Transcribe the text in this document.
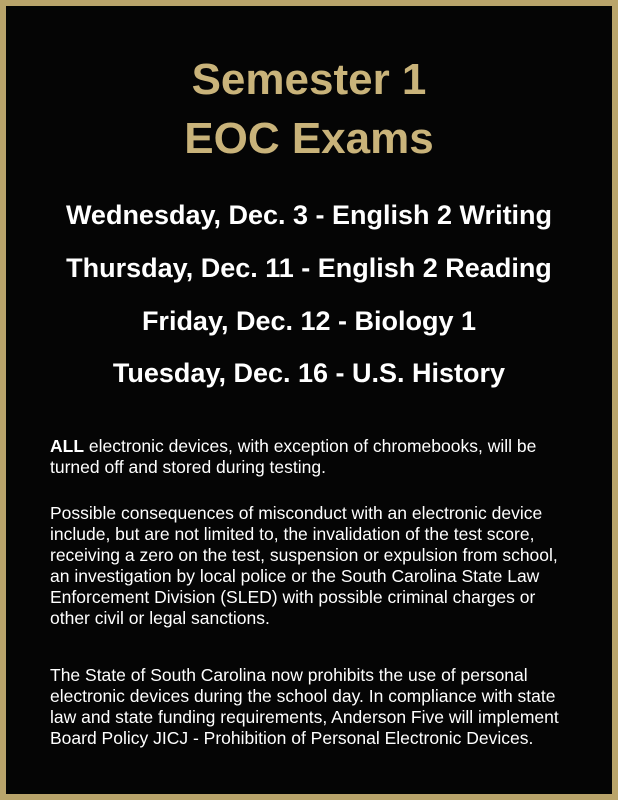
Semester 1
EOC Exams
Wednesday, Dec. 3 - English 2 Writing
Thursday, Dec. 11 - English 2 Reading
Friday, Dec. 12 - Biology 1
Tuesday, Dec. 16 - U.S. History

ALL electronic devices, with exception of chromebooks, will be turned off and stored during testing.

Possible consequences of misconduct with an electronic device include, but are not limited to, the invalidation of the test score, receiving a zero on the test, suspension or expulsion from school, an investigation by local police or the South Carolina State Law Enforcement Division (SLED) with possible criminal charges or other civil or legal sanctions.

The State of South Carolina now prohibits the use of personal electronic devices during the school day. In compliance with state law and state funding requirements, Anderson Five will implement Board Policy JICJ - Prohibition of Personal Electronic Devices.
